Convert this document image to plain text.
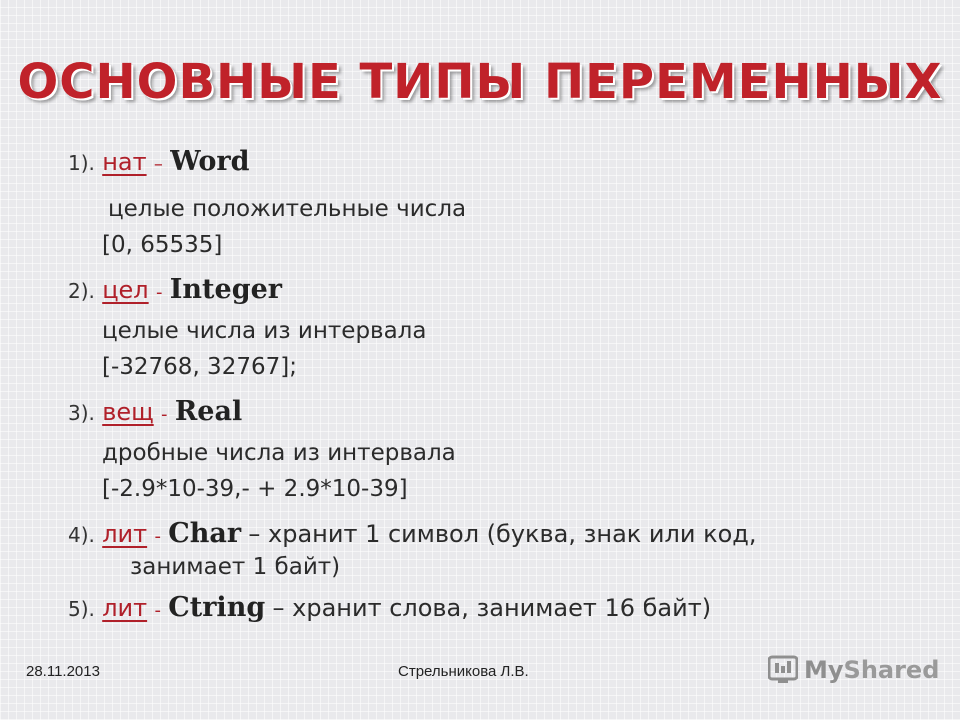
ОСНОВНЫЕ ТИПЫ ПЕРЕМЕННЫХ
1). нат – Word
целые положительные числа
[0, 65535]
2). цел - Integer
целые числа из интервала
[-32768, 32767];
3). вещ - Real
дробные числа из интервала
[-2.9*10-39,- + 2.9*10-39]
4). лит - Char – хранит 1 символ (буква, знак или код,
занимает 1 байт)
5). лит - Ctring – хранит слова, занимает 16 байт)
28.11.2013	Стрельникова Л.В.	MyShared
